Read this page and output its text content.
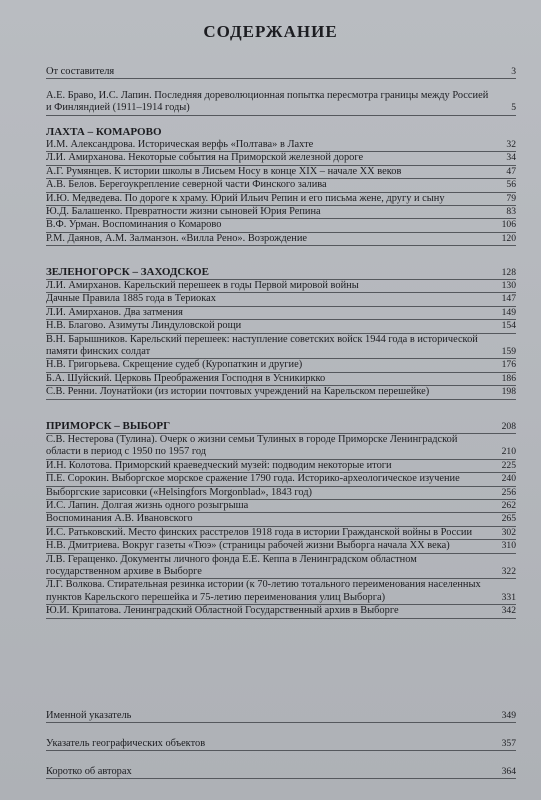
СОДЕРЖАНИЕ
От составителя	3
А.Е. Браво, И.С. Лапин. Последняя дореволюционная попытка пересмотра границы между Россией и Финляндией (1911–1914 годы)	5
ЛАХТА – КОМАРОВО
И.М. Александрова. Историческая верфь «Полтава» в Лахте	32
Л.И. Амирханова. Некоторые события на Приморской железной дороге	34
А.Г. Румянцев. К истории школы в Лисьем Носу в конце XIX – начале XX веков	47
А.В. Белов. Берегоукрепление северной части Финского залива	56
И.Ю. Медведева. По дороге к храму. Юрий Ильич Репин и его письма жене, другу и сыну	79
Ю.Д. Балашенко. Превратности жизни сыновей Юрия Репина	83
В.Ф. Урман. Воспоминания о Комарово	106
Р.М. Даянов, А.М. Залманзон. «Вилла Рено». Возрождение	120
ЗЕЛЕНОГОРСК – ЗАХОДСКОЕ	128
Л.И. Амирханов. Карельский перешеек в годы Первой мировой войны	130
Дачные Правила 1885 года в Териоках	147
Л.И. Амирханов. Два затмения	149
Н.В. Благово. Азимуты Линдуловской рощи	154
В.Н. Барышников. Карельский перешеек: наступление советских войск 1944 года в исторической памяти финских солдат	159
Н.В. Григорьева. Скрещение судеб (Куропаткин и другие)	176
Б.А. Шуйский. Церковь Преображения Господня в Усникиркко	186
С.В. Ренни. Лоунатйоки (из истории почтовых учреждений на Карельском перешейке)	198
ПРИМОРСК – ВЫБОРГ	208
С.В. Нестерова (Тулина). Очерк о жизни семьи Тулиных в городе Приморске Ленинградской области в период с 1950 по 1957 год	210
И.Н. Колотова. Приморский краеведческий музей: подводим некоторые итоги	225
П.Е. Сорокин. Выборгское морское сражение 1790 года. Историко-археологическое изучение	240
Выборгские зарисовки («Helsingfors Morgonblad», 1843 год)	256
И.С. Лапин. Долгая жизнь одного розыгрыша	262
Воспоминания А.В. Ивановского	265
И.С. Ратьковский. Место финских расстрелов 1918 года в истории Гражданской войны в России	302
Н.В. Дмитриева. Вокруг газеты «Тюэ» (страницы рабочей жизни Выборга начала XX века)	310
Л.В. Геращенко. Документы личного фонда Е.Е. Кеппа в Ленинградском областном государственном архиве в Выборге	322
Л.Г. Волкова. Стирательная резинка истории (к 70-летию тотального переименования населенных пунктов Карельского перешейка и 75-летию переименования улиц Выборга)	331
Ю.И. Крипатова. Ленинградский Областной Государственный архив в Выборге	342
Именной указатель	349
Указатель географических объектов	357
Коротко об авторах	364
